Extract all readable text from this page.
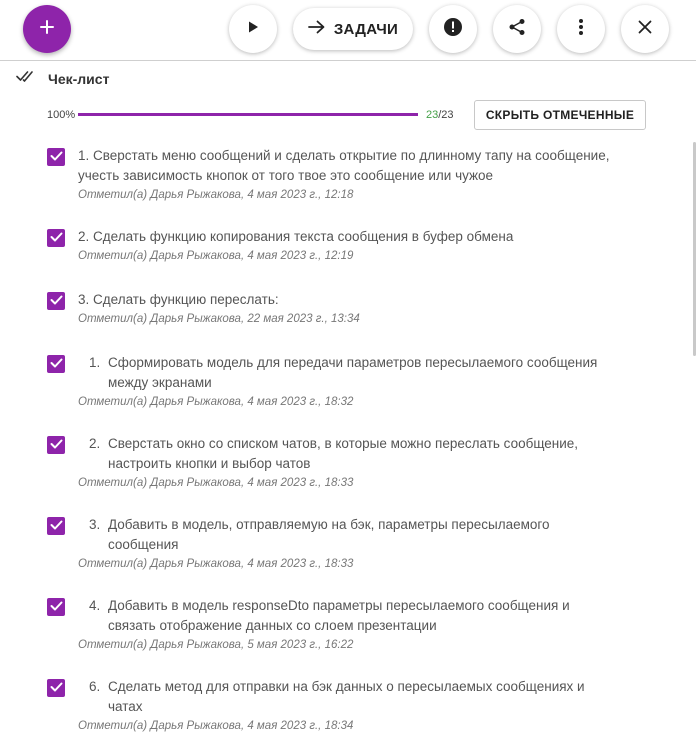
ЗАДАЧИ
Чек-лист
100%	23/23	СКРЫТЬ ОТМЕЧЕННЫЕ
1. Сверстать меню сообщений и сделать открытие по длинному тапу на сообщение, учесть зависимость кнопок от того твое это сообщение или чужое
Отметил(а) Дарья Рыжакова, 4 мая 2023 г., 12:18
2. Сделать функцию копирования текста сообщения в буфер обмена
Отметил(а) Дарья Рыжакова, 4 мая 2023 г., 12:19
3. Сделать функцию переслать:
Отметил(а) Дарья Рыжакова, 22 мая 2023 г., 13:34
1. Сформировать модель для передачи параметров пересылаемого сообщения между экранами
Отметил(а) Дарья Рыжакова, 4 мая 2023 г., 18:32
2. Сверстать окно со списком чатов, в которые можно переслать сообщение, настроить кнопки и выбор чатов
Отметил(а) Дарья Рыжакова, 4 мая 2023 г., 18:33
3. Добавить в модель, отправляемую на бэк, параметры пересылаемого сообщения
Отметил(а) Дарья Рыжакова, 4 мая 2023 г., 18:33
4. Добавить в модель responseDto параметры пересылаемого сообщения и связать отображение данных со слоем презентации
Отметил(а) Дарья Рыжакова, 5 мая 2023 г., 16:22
6. Сделать метод для отправки на бэк данных о пересылаемых сообщениях и чатах
Отметил(а) Дарья Рыжакова, 4 мая 2023 г., 18:34
